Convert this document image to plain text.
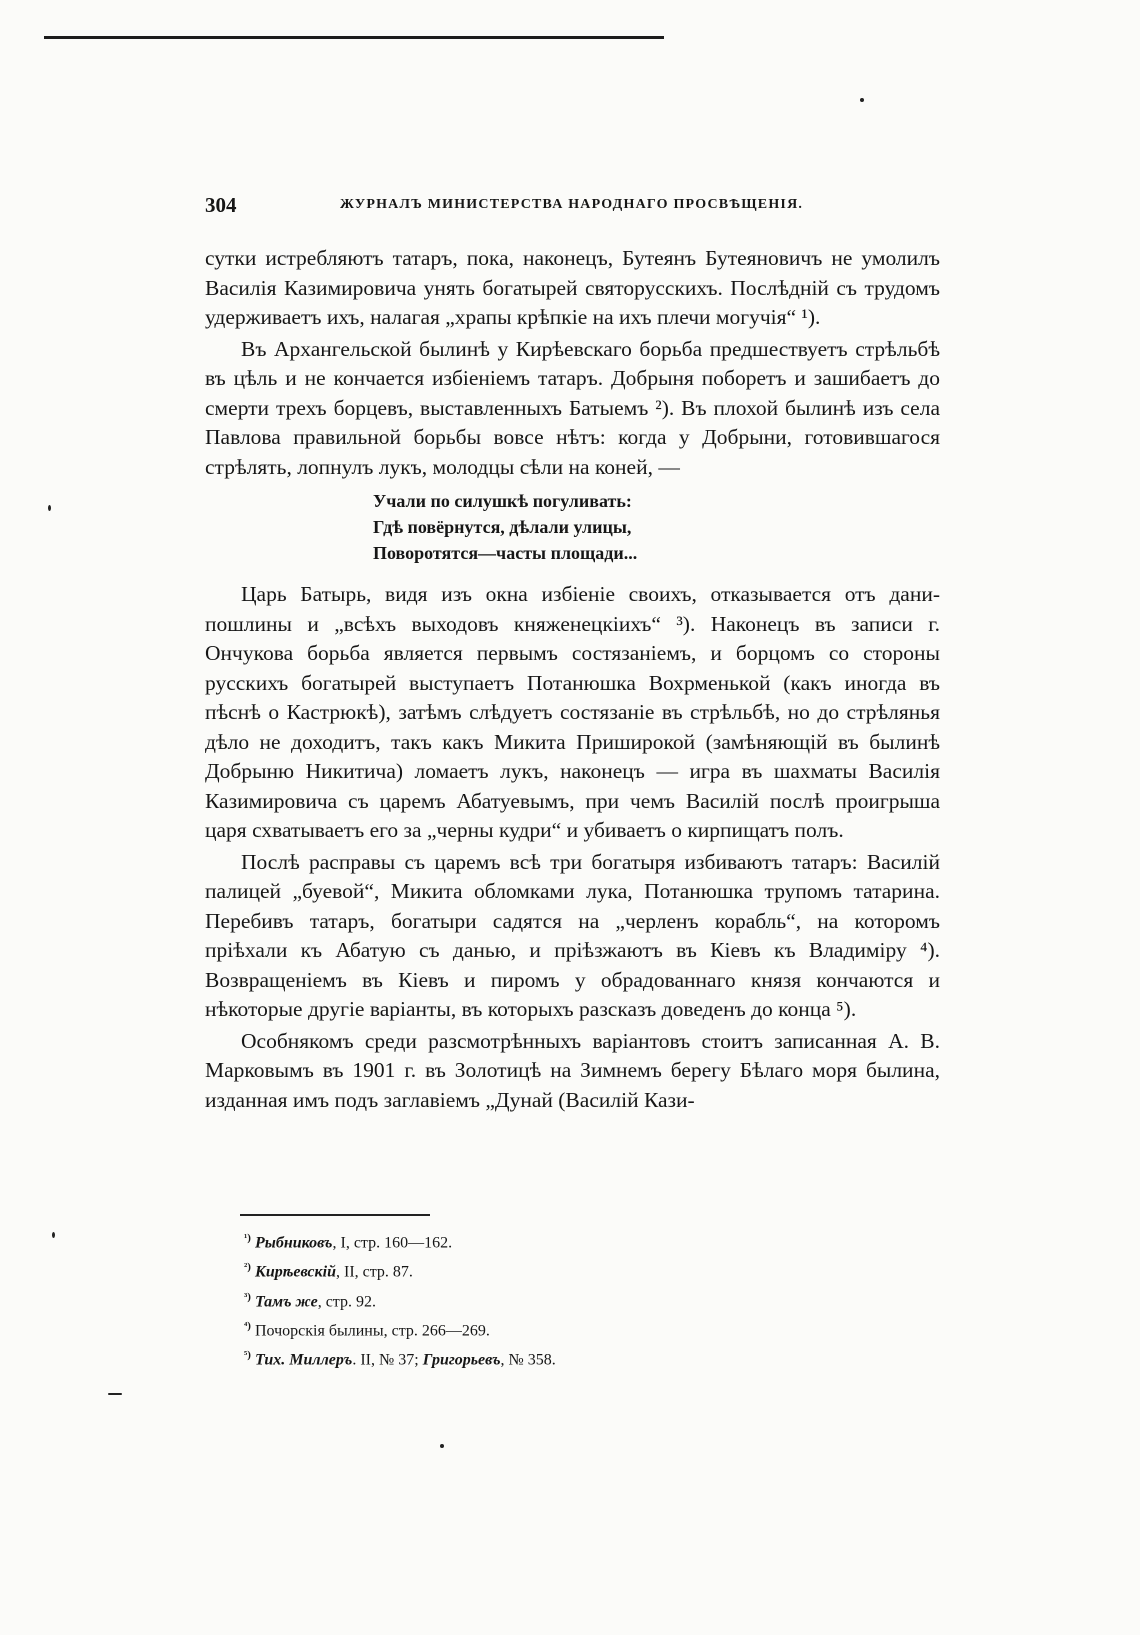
304	ЖУРНАЛЪ МИНИСТЕРСТВА НАРОДНАГО ПРОСВѢЩЕНІЯ.

сутки истребляютъ татаръ, пока, наконецъ, Бутеянъ Бутеяновичъ не умолилъ Василія Казимировича унять богатырей святорусскихъ. Послѣдній съ трудомъ удерживаетъ ихъ, налагая „храпы крѣпкіе на ихъ плечи могучія“ ¹).

Въ Архангельской былинѣ у Кирѣевскаго борьба предшествуетъ стрѣльбѣ въ цѣль и не кончается избіеніемъ татаръ. Добрыня поборетъ и зашибаетъ до смерти трехъ борцевъ, выставленныхъ Батыемъ ²). Въ плохой былинѣ изъ села Павлова правильной борьбы вовсе нѣтъ: когда у Добрыни, готовившагося стрѣлять, лопнулъ лукъ, молодцы сѣли на коней, —

Учали по силушкѣ погуливать:
Гдѣ повёрнутся, дѣлали улицы,
Поворотятся—часты площади...

Царь Батырь, видя изъ окна избіеніе своихъ, отказывается отъ дани-пошлины и „всѣхъ выходовъ княженецкіихъ“ ³). Наконецъ въ записи г. Ончукова борьба является первымъ состязаніемъ, и борцомъ со стороны русскихъ богатырей выступаетъ Потанюшка Вохрменькой (какъ иногда въ пѣснѣ о Кастрюкѣ), затѣмъ слѣдуетъ состязаніе въ стрѣльбѣ, но до стрѣлянья дѣло не доходитъ, такъ какъ Микита Пришироко‌й (замѣняющій въ былинѣ Добрыню Никитича) ломаетъ лукъ, наконецъ — игра въ шахматы Василія Казимировича съ царемъ Абатуевымъ, при чемъ Василій послѣ проигрыша царя схватываетъ его за „черны кудри“ и убиваетъ о кирпищатъ полъ.

Послѣ расправы съ царемъ всѣ три богатыря избиваютъ татаръ: Василій палицей „буевой“, Микита обломками лука, Потанюшка трупомъ татарина. Перебивъ татаръ, богатыри садятся на „черленъ корабль“, на которомъ пріѣхали къ Абатую съ данью, и пріѣзжаютъ въ Кіевъ къ Владиміру ⁴). Возвращеніемъ въ Кіевъ и пиромъ у обрадованнаго князя кончаются и нѣкоторые другіе варіанты, въ которыхъ разсказъ доведенъ до конца ⁵).

Особнякомъ среди разсмотрѣнныхъ варіантовъ стоитъ записанная А. В. Марковымъ въ 1901 г. въ Золотицѣ на Зимнемъ берегу Бѣлаго моря былина, изданная имъ подъ заглавіемъ „Дунай (Василій Кази-

$^{^1)}$ Рыбниковъ, I, стр. 160—162.
$^{^2)}$ Кирѣевскій, II, стр. 87.
$^{^3)}$ Тамъ же, стр. 92.
$^{^4)}$ Почорскія былины, стр. 266—269.
$^{^5)}$ Тих. Миллеръ. II, № 37; Григорьевъ, № 358.
